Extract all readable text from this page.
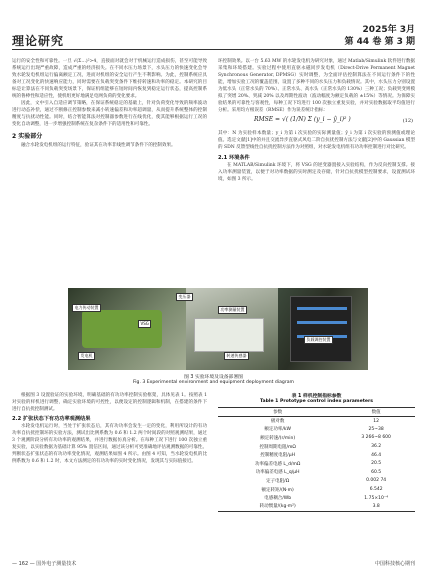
理论研究
2025年 3月
第 44 卷 第 3 期

运行的安全性和可靠性。一旦 √(Σ…)²>4，直接面对就会对于机械运行造成损伤，甚至可能导致系统运行出现严重故障，造成严重的经济损失。在不同水压力场景下，水头压力的快速变化会导致水轮发电机组运行偏离额定工况，进而对机组的安全运行产生不利影响。为此，控制系统应具备对工况变化的快速响应能力，同时需要在负载突变条件下维持转速和功率的稳定。本研究的目标是让算法在不同负载突变场景下，保证机组能够在短时间内恢复到稳定运行状态，提高控制系统的鲁棒性和适应性，使机组更好地满足电网负荷的变化要求。

因此，文中引入自适应调节策略，在保证系统稳定的基础上，针对负荷变化导致的频率波动进行动态补偿，通过不断修正控制参数来减小转速偏差和功率超调量，从而提升系统整体的控制精度与抗扰动性能。同时，结合智能算法对控制器参数进行在线优化，使其能够根据运行工况的变化自动调整，进一步增强控制系统在复杂条件下的适用性和可靠性。

2 实验部分

融合水轮发电机组的运行特征，验证其在功率非线性调节条件下的控制效果。

环控制效果。以一台 5.63 MW 的水轮发电机为研究对象，通过 Matlab/Simulink 软件进行数据采集和环境搭建。实验过程中使用直驱永磁同步发电机（Direct-Drive Permanent Magnet Synchronous Generator, DPMSG）实时调整，为全面评估控制算法在不同运行条件下的性能，增加实验工况的覆盖范围，设置了多种不同的水头压力和负载情况。其中，水头压力分别设置为低水头（正常水头的 70%）、正常水头、高水头（正常水头的 130%）三种工况；负载突变则模拟了突增 20%、突减 20% 以及周期性波动（波动幅度为额定负载的 ±15%）等情况。为保障实验结果的可靠性与客观性，每种工况下均进行 100 次独立重复实验，并对实验数据取平均值进行分析。采用均方根误差（RMSE）作为误差统计指标：

RMSE = √( (1/N) Σ (y_i − ŷ_i)² )	(12)

其中：N 为实验样本数量；y_i 为第 i 次实验的实际测量值；ŷ_i 为第 i 次实验的预测值或理论值。选定文献[1]中的并且交流异步直驱式风电二阶自抗扰控制方法与文献[2]中的 Gaussian 模型的 SDN 反馈型线性自抗扰控制方法作为对照组，对水轮发电机组有功功率控制进行对比研究。

2.1 环境条件

在 MATLAB/Simulink 环境下，将 VSG 的逆变器置接入实验结构，作为反向控制支撑。接入功率测量装置，以便于对功率数据的实时测定及存储，针对自抗扰模型控制要求，设置测试环境，如图 3 所示。

变压器
电力传动装置	功率测量装置
VSG
负载调控装置
发电机	转速传感器
图 3 实验环境及设备部署图
Fig. 3 Experimental environment and equipment deployment diagram

根据图 3 设置验证的实验环境，明确基础的有功功率控制实验框架，具体见表 1。按照表 1 对实验的样机进行调整，确定实验环境的可控性，以便设定的控制逻辑和机制，在搭建的条件下进行自抗扰控制测试。

2.2 扩张状态下有功功率观测结果

水轮发电机运行时，当处于扩张状态后，其有功功率会发生一定的变化，利用所设计的有功功率自抗扰控制环的实验方法，测试出比例系数为 0.6 和 1.2 两个时间段的对照观测结果，通过 3 个观测阶段分析有功功率的观测结果，并进行数据仿真分析。在每种工况下进行 100 次独立重复实验，以实验数据为基础计算 95% 置信区间，通过该分析可更准确地评估观测数据的可靠性。判断状态扩张状态的有功功率变化情况，观测结果如图 4 所示。由图 4 可知，当水轮发电机的比例系数为 0.6 和 1.2 时，本文方法测定的有功功率的实时变化情况，发现其与实际值接近。

表 1 样机控制指标参数
Table 1 Prototype control index parameters
参数	数值
极对数	12
额定功率/kW	25~38
额定转速/(r/min)	3 266~8 600
控制周期电阻/mΩ	36.2
控制精度电阻/μH	46.4
功率偏差电感 L_d/mΩ	20.5
功率偏差电感 L_q/μH	60.5
定子电阻/Ω	0.002 74
额定转矩/(N·m)	6.542
电感耦合/Wb	1.75×10⁻⁴
转动惯量/(kg·m²)	3.8
— 162 — 国外电子测量技术	中国科技核心期刊
